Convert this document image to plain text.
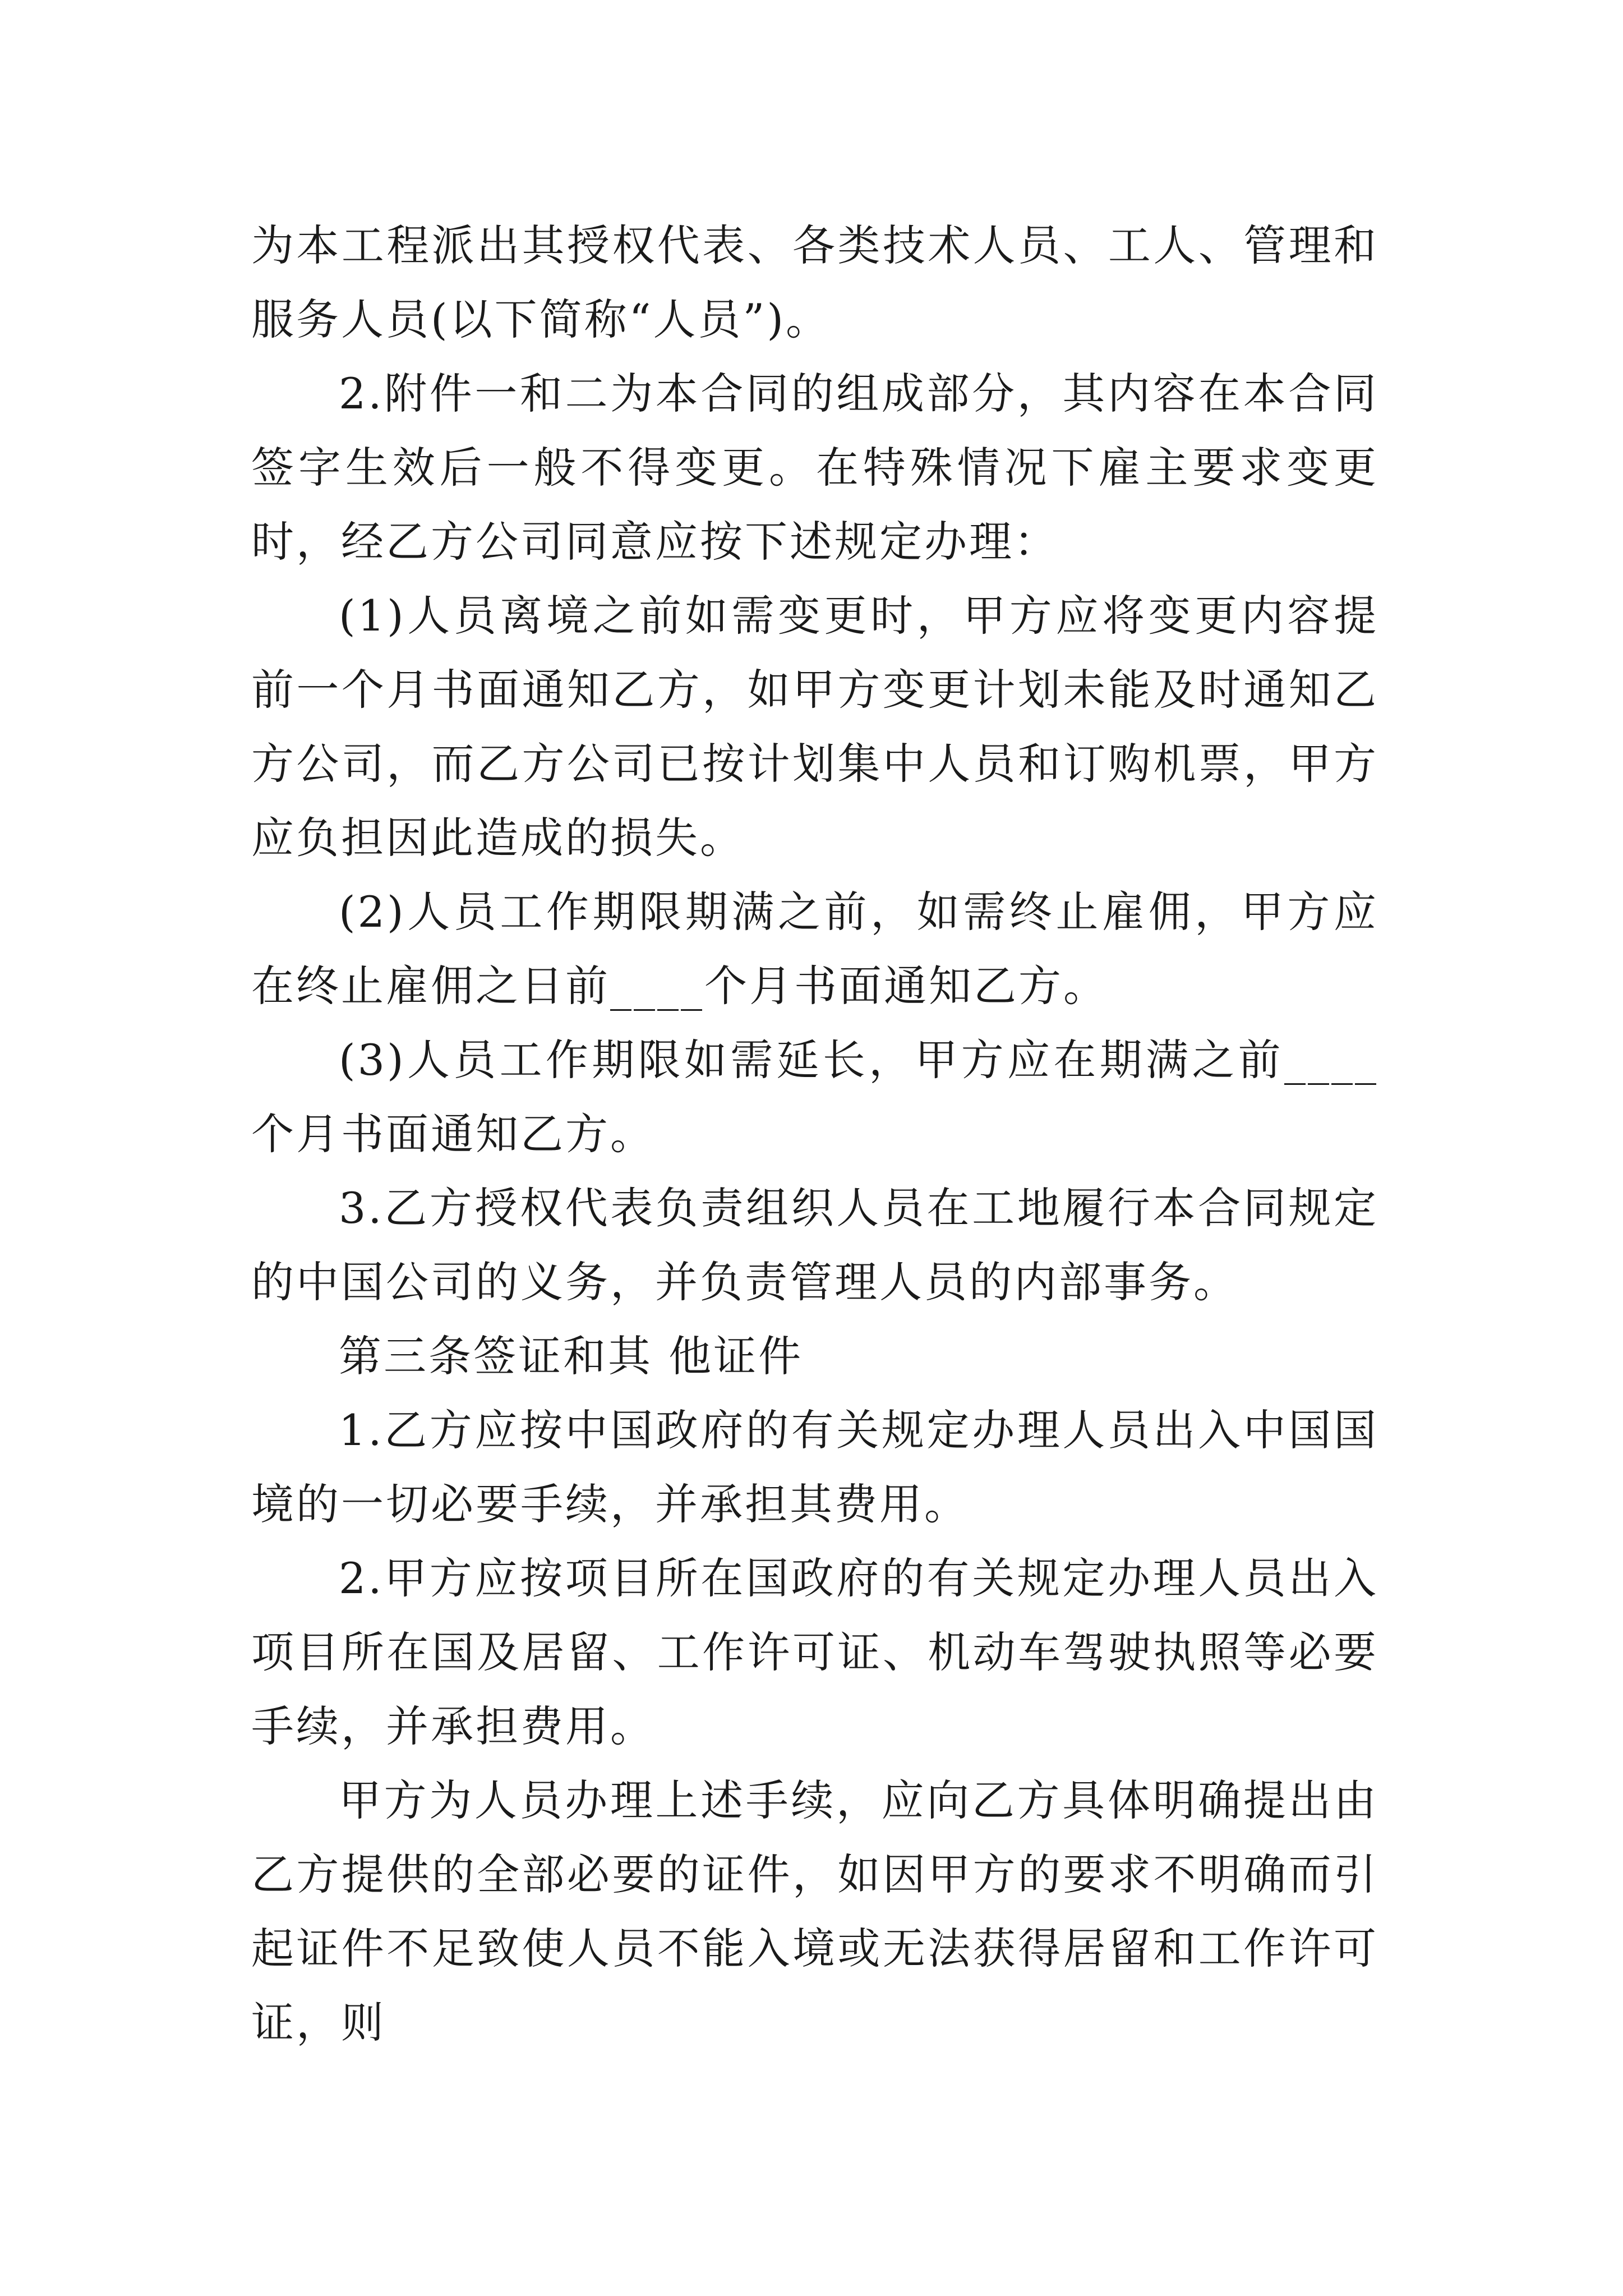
为本工程派出其授权代表、各类技术人员、工人、管理和服务人员(以下简称“人员”)。

2.附件一和二为本合同的组成部分，其内容在本合同签字生效后一般不得变更。在特殊情况下雇主要求变更时，经乙方公司同意应按下述规定办理：

(1)人员离境之前如需变更时，甲方应将变更内容提前一个月书面通知乙方，如甲方变更计划未能及时通知乙方公司，而乙方公司已按计划集中人员和订购机票，甲方应负担因此造成的损失。

(2)人员工作期限期满之前，如需终止雇佣，甲方应在终止雇佣之日前____个月书面通知乙方。

(3)人员工作期限如需延长，甲方应在期满之前____个月书面通知乙方。

3.乙方授权代表负责组织人员在工地履行本合同规定的中国公司的义务，并负责管理人员的内部事务。

第三条签证和其 他证件

1.乙方应按中国政府的有关规定办理人员出入中国国境的一切必要手续，并承担其费用。

2.甲方应按项目所在国政府的有关规定办理人员出入项目所在国及居留、工作许可证、机动车驾驶执照等必要手续，并承担费用。

甲方为人员办理上述手续，应向乙方具体明确提出由乙方提供的全部必要的证件，如因甲方的要求不明确而引起证件不足致使人员不能入境或无法获得居留和工作许可证，则
